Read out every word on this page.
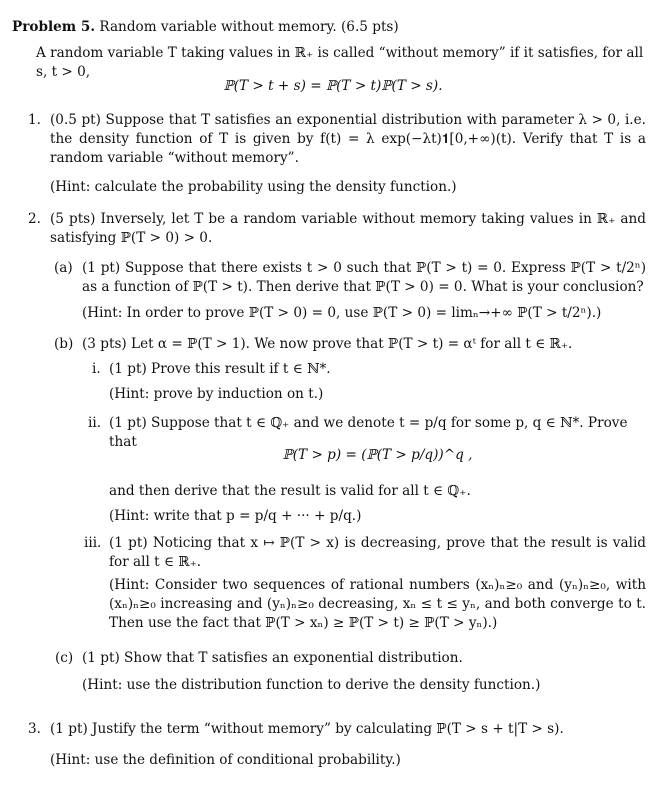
Problem 5. Random variable without memory. (6.5 pts)

A random variable T taking values in ℝ₊ is called “without memory” if it satisfies, for all s, t > 0,

ℙ(T > t + s) = ℙ(T > t)ℙ(T > s).

1. (0.5 pt) Suppose that T satisfies an exponential distribution with parameter λ > 0, i.e. the density function of T is given by f(t) = λ exp(−λt)𝟏[0,+∞)(t). Verify that T is a random variable “without memory”.

(Hint: calculate the probability using the density function.)

2. (5 pts) Inversely, let T be a random variable without memory taking values in ℝ₊ and satisfying ℙ(T > 0) > 0.

(a) (1 pt) Suppose that there exists t > 0 such that ℙ(T > t) = 0. Express ℙ(T > t/2ⁿ) as a function of ℙ(T > t). Then derive that ℙ(T > 0) = 0. What is your conclusion?

(Hint: In order to prove ℙ(T > 0) = 0, use ℙ(T > 0) = limₙ→+∞ ℙ(T > t/2ⁿ).)

(b) (3 pts) Let α = ℙ(T > 1). We now prove that ℙ(T > t) = αᵗ for all t ∈ ℝ₊.

i. (1 pt) Prove this result if t ∈ ℕ*.

(Hint: prove by induction on t.)

ii. (1 pt) Suppose that t ∈ ℚ₊ and we denote t = p/q for some p, q ∈ ℕ*. Prove that

ℙ(T > p) = (ℙ(T > p/q))^q ,

and then derive that the result is valid for all t ∈ ℚ₊.

(Hint: write that p = p/q + ··· + p/q.)

iii. (1 pt) Noticing that x ↦ ℙ(T > x) is decreasing, prove that the result is valid for all t ∈ ℝ₊.

(Hint: Consider two sequences of rational numbers (xₙ)ₙ≥₀ and (yₙ)ₙ≥₀, with (xₙ)ₙ≥₀ increasing and (yₙ)ₙ≥₀ decreasing, xₙ ≤ t ≤ yₙ, and both converge to t. Then use the fact that ℙ(T > xₙ) ≥ ℙ(T > t) ≥ ℙ(T > yₙ).)

(c) (1 pt) Show that T satisfies an exponential distribution.

(Hint: use the distribution function to derive the density function.)

3. (1 pt) Justify the term “without memory” by calculating ℙ(T > s + t|T > s).

(Hint: use the definition of conditional probability.)
